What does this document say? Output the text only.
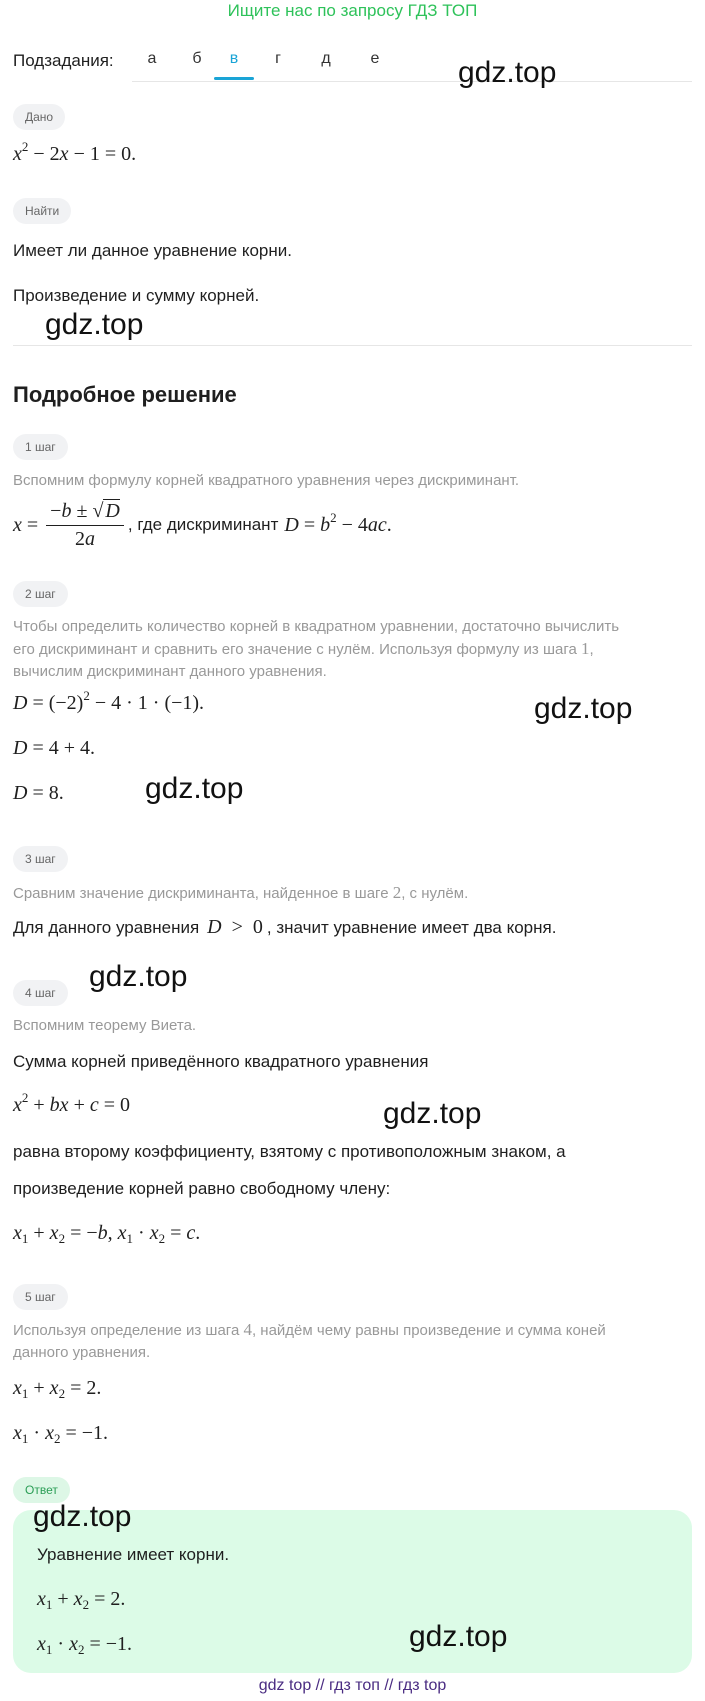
Ищите нас по запросу ГДЗ ТОП
Подзадания:	а	б	в	г	д	е
Дано
$x^2 - 2x - 1 = 0$.
Найти
Имеет ли данное уравнение корни.
Произведение и сумму корней.
Подробное решение
1 шаг
Вспомним формулу корней квадратного уравнения через дискриминант.
$x = \frac{-b \pm √ D}{2a}$ , где дискриминант $D = b^2 - 4ac$.
2 шаг
Чтобы определить количество корней в квадратном уравнении, достаточно вычислить
его дискриминант и сравнить его значение с нулём. Используя формулу из шага 1,
вычислим дискриминант данного уравнения.
$D = (-2)^2 - 4 \cdot 1 \cdot (-1)$.
D = 4 + 4.
D = 8.
3 шаг
Сравним значение дискриминанта, найденное в шаге 2, с нулём.
Для данного уравнения D  >  0 , значит уравнение имеет два корня.
4 шаг
Вспомним теорему Виета.
Сумма корней приведённого квадратного уравнения
$x^2$ + bx + c = 0
равна второму коэффициенту, взятому с противоположным знаком, а
произведение корней равно свободному члену:
$x_1 + x_2 = -b$, $x_1 \cdot x_2 = c$.
5 шаг
Используя определение из шага 4, найдём чему равны произведение и сумма коней
данного уравнения.
$x_1 + x_2 = 2$.
$x_1 \cdot x_2 = -1$.
Ответ
Уравнение имеет корни.
$x_1 + x_2 = 2$.
$x_1 \cdot x_2 = -1$.
gdz.top
gdz.top
gdz.top
gdz.top
gdz.top
gdz.top
gdz.top
gdz.top
gdz top // гдз топ // гдз top
